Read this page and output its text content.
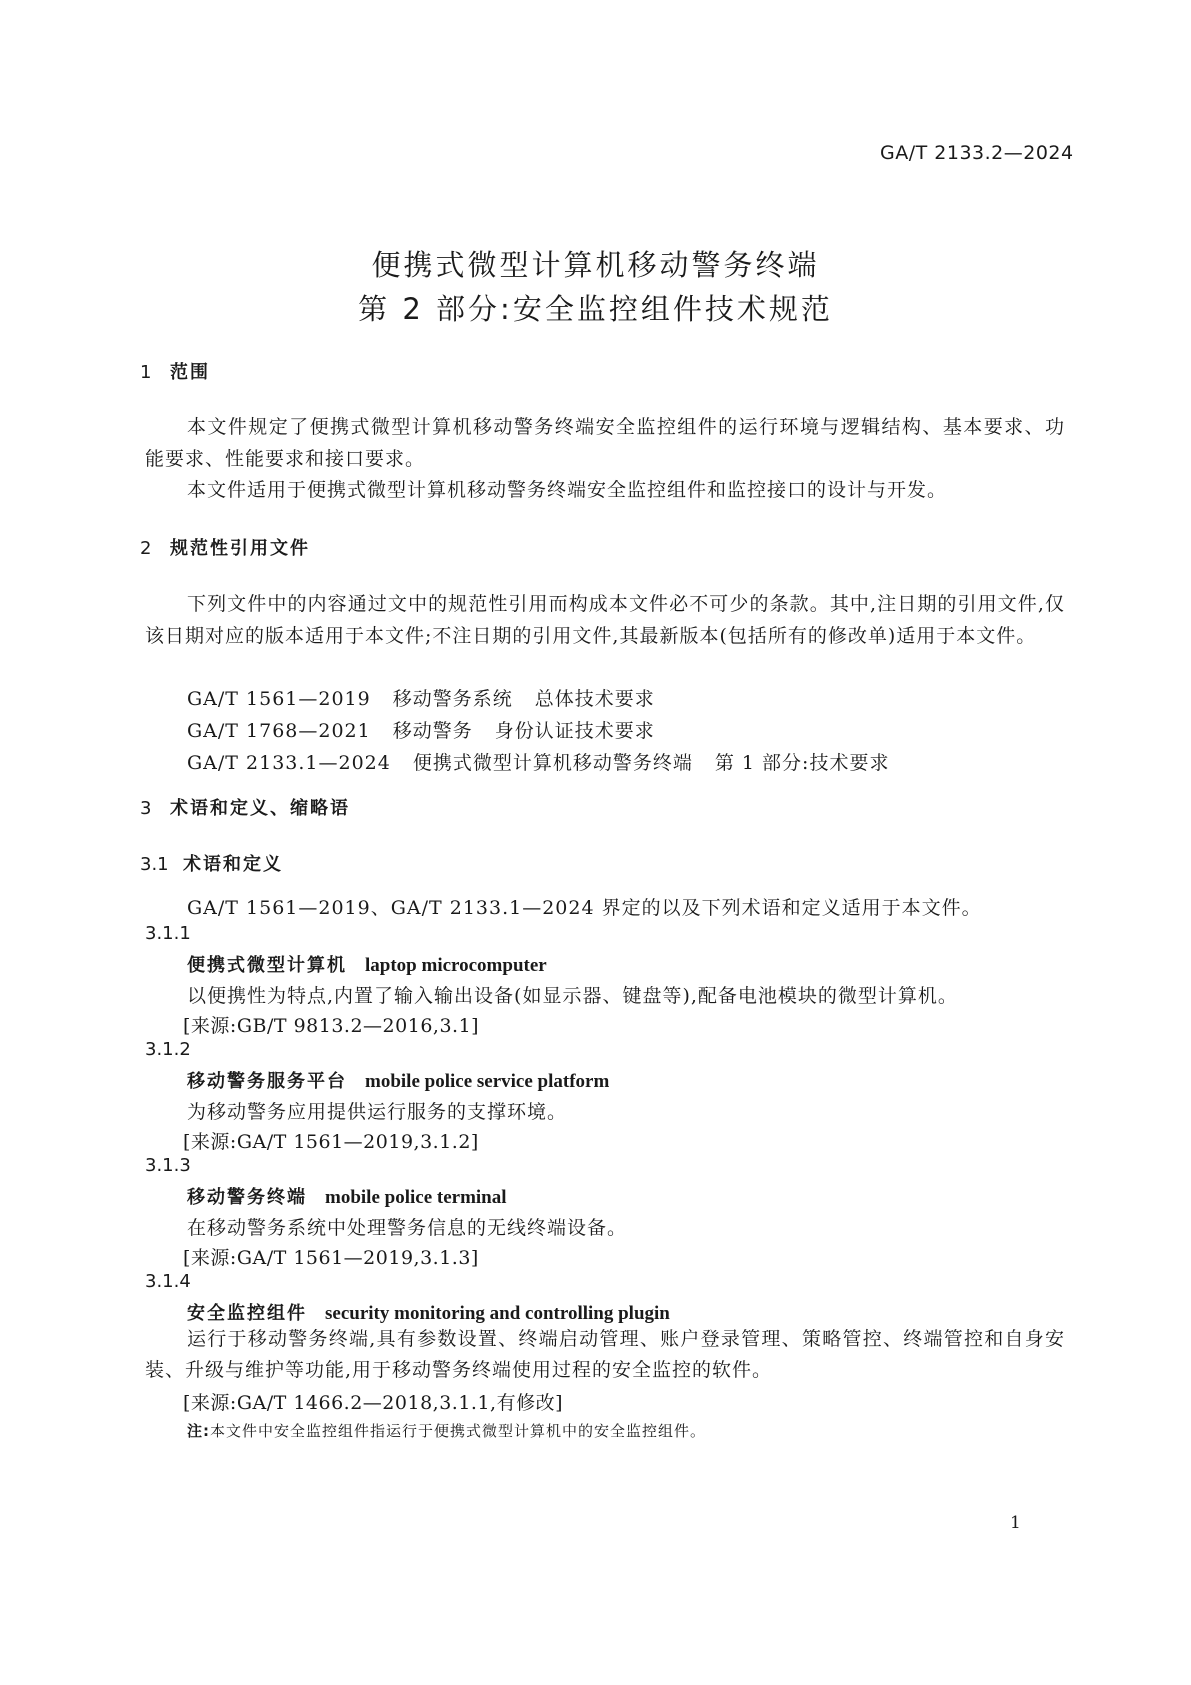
GA/T 2133.2—2024
便携式微型计算机移动警务终端
第 2 部分:安全监控组件技术规范
1 范围
本文件规定了便携式微型计算机移动警务终端安全监控组件的运行环境与逻辑结构、基本要求、功能要求、性能要求和接口要求。
本文件适用于便携式微型计算机移动警务终端安全监控组件和监控接口的设计与开发。
2 规范性引用文件
下列文件中的内容通过文中的规范性引用而构成本文件必不可少的条款。其中,注日期的引用文件,仅该日期对应的版本适用于本文件;不注日期的引用文件,其最新版本(包括所有的修改单)适用于本文件。
GA/T 1561—2019 移动警务系统 总体技术要求
GA/T 1768—2021 移动警务 身份认证技术要求
GA/T 2133.1—2024 便携式微型计算机移动警务终端 第 1 部分:技术要求
3 术语和定义、缩略语
3.1 术语和定义
GA/T 1561—2019、GA/T 2133.1—2024 界定的以及下列术语和定义适用于本文件。
3.1.1
便携式微型计算机 laptop microcomputer
以便携性为特点,内置了输入输出设备(如显示器、键盘等),配备电池模块的微型计算机。
[来源:GB/T 9813.2—2016,3.1]
3.1.2
移动警务服务平台 mobile police service platform
为移动警务应用提供运行服务的支撑环境。
[来源:GA/T 1561—2019,3.1.2]
3.1.3
移动警务终端 mobile police terminal
在移动警务系统中处理警务信息的无线终端设备。
[来源:GA/T 1561—2019,3.1.3]
3.1.4
安全监控组件 security monitoring and controlling plugin
运行于移动警务终端,具有参数设置、终端启动管理、账户登录管理、策略管控、终端管控和自身安装、升级与维护等功能,用于移动警务终端使用过程的安全监控的软件。
[来源:GA/T 1466.2—2018,3.1.1,有修改]
注:本文件中安全监控组件指运行于便携式微型计算机中的安全监控组件。
1
